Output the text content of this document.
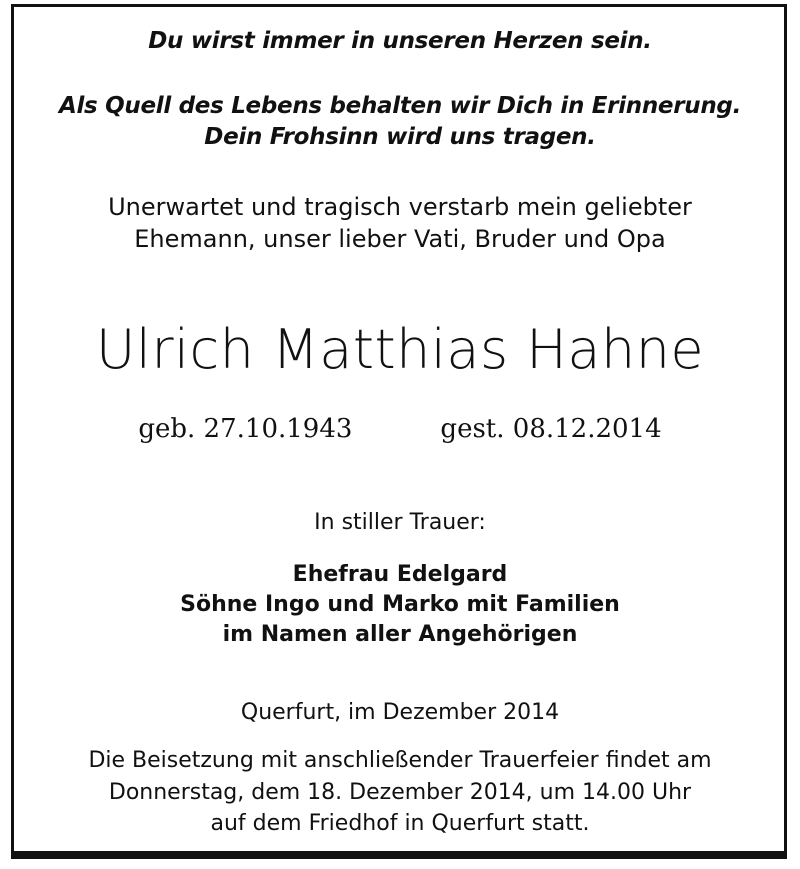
Du wirst immer in unseren Herzen sein.
Als Quell des Lebens behalten wir Dich in Erinnerung.
Dein Frohsinn wird uns tragen.
Unerwartet und tragisch verstarb mein geliebter
Ehemann, unser lieber Vati, Bruder und Opa
Ulrich Matthias Hahne
geb. 27.10.1943	gest. 08.12.2014
In stiller Trauer:
Ehefrau Edelgard
Söhne Ingo und Marko mit Familien
im Namen aller Angehörigen
Querfurt, im Dezember 2014
Die Beisetzung mit anschließender Trauerfeier findet am
Donnerstag, dem 18. Dezember 2014, um 14.00 Uhr
auf dem Friedhof in Querfurt statt.
